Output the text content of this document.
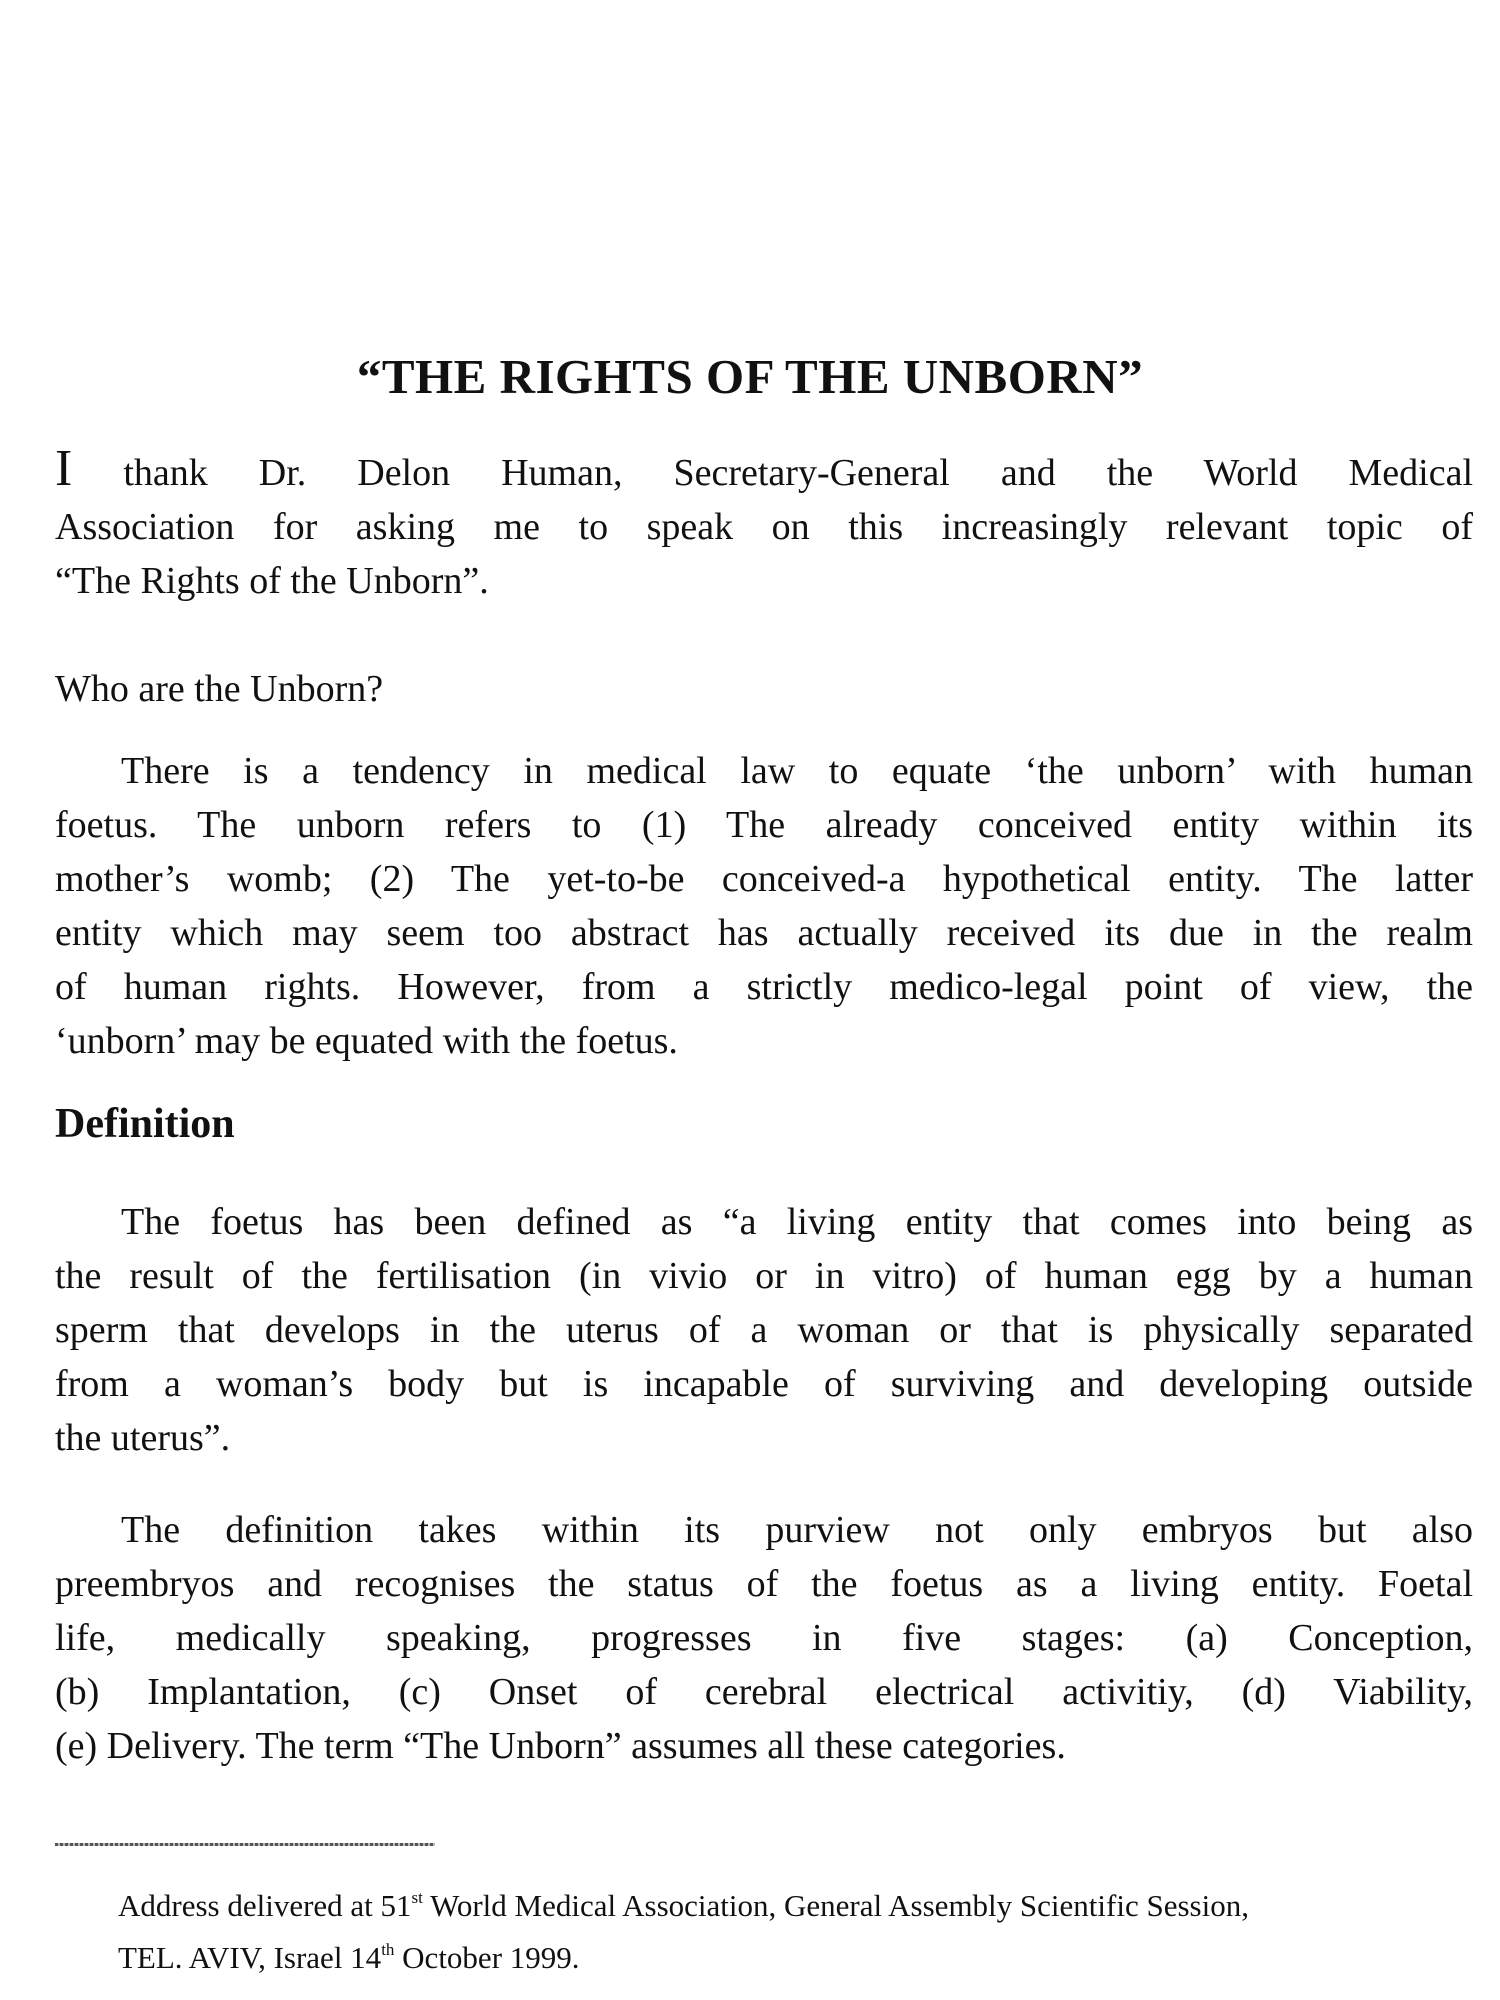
“THE RIGHTS OF THE UNBORN”
I thank Dr. Delon Human, Secretary-General and the World Medical
Association for asking me to speak on this increasingly relevant topic of
“The Rights of the Unborn”.

Who are the Unborn?

There is a tendency in medical law to equate ‘the unborn’ with human
foetus. The unborn refers to (1) The already conceived entity within its
mother’s womb; (2) The yet-to-be conceived-a hypothetical entity. The latter
entity which may seem too abstract has actually received its due in the realm
of human rights. However, from a strictly medico-legal point of view, the
‘unborn’ may be equated with the foetus.
Definition
The foetus has been defined as “a living entity that comes into being as
the result of the fertilisation (in vivio or in vitro) of human egg by a human
sperm that develops in the uterus of a woman or that is physically separated
from a woman’s body but is incapable of surviving and developing outside
the uterus”.
The definition takes within its purview not only embryos but also
preembryos and recognises the status of the foetus as a living entity. Foetal
life, medically speaking, progresses in five stages: (a) Conception,
(b) Implantation, (c) Onset of cerebral electrical activitiy, (d) Viability,
(e) Delivery. The term “The Unborn” assumes all these categories.
Address delivered at 51st World Medical Association, General Assembly Scientific Session,
TEL. AVIV, Israel 14th October 1999.
